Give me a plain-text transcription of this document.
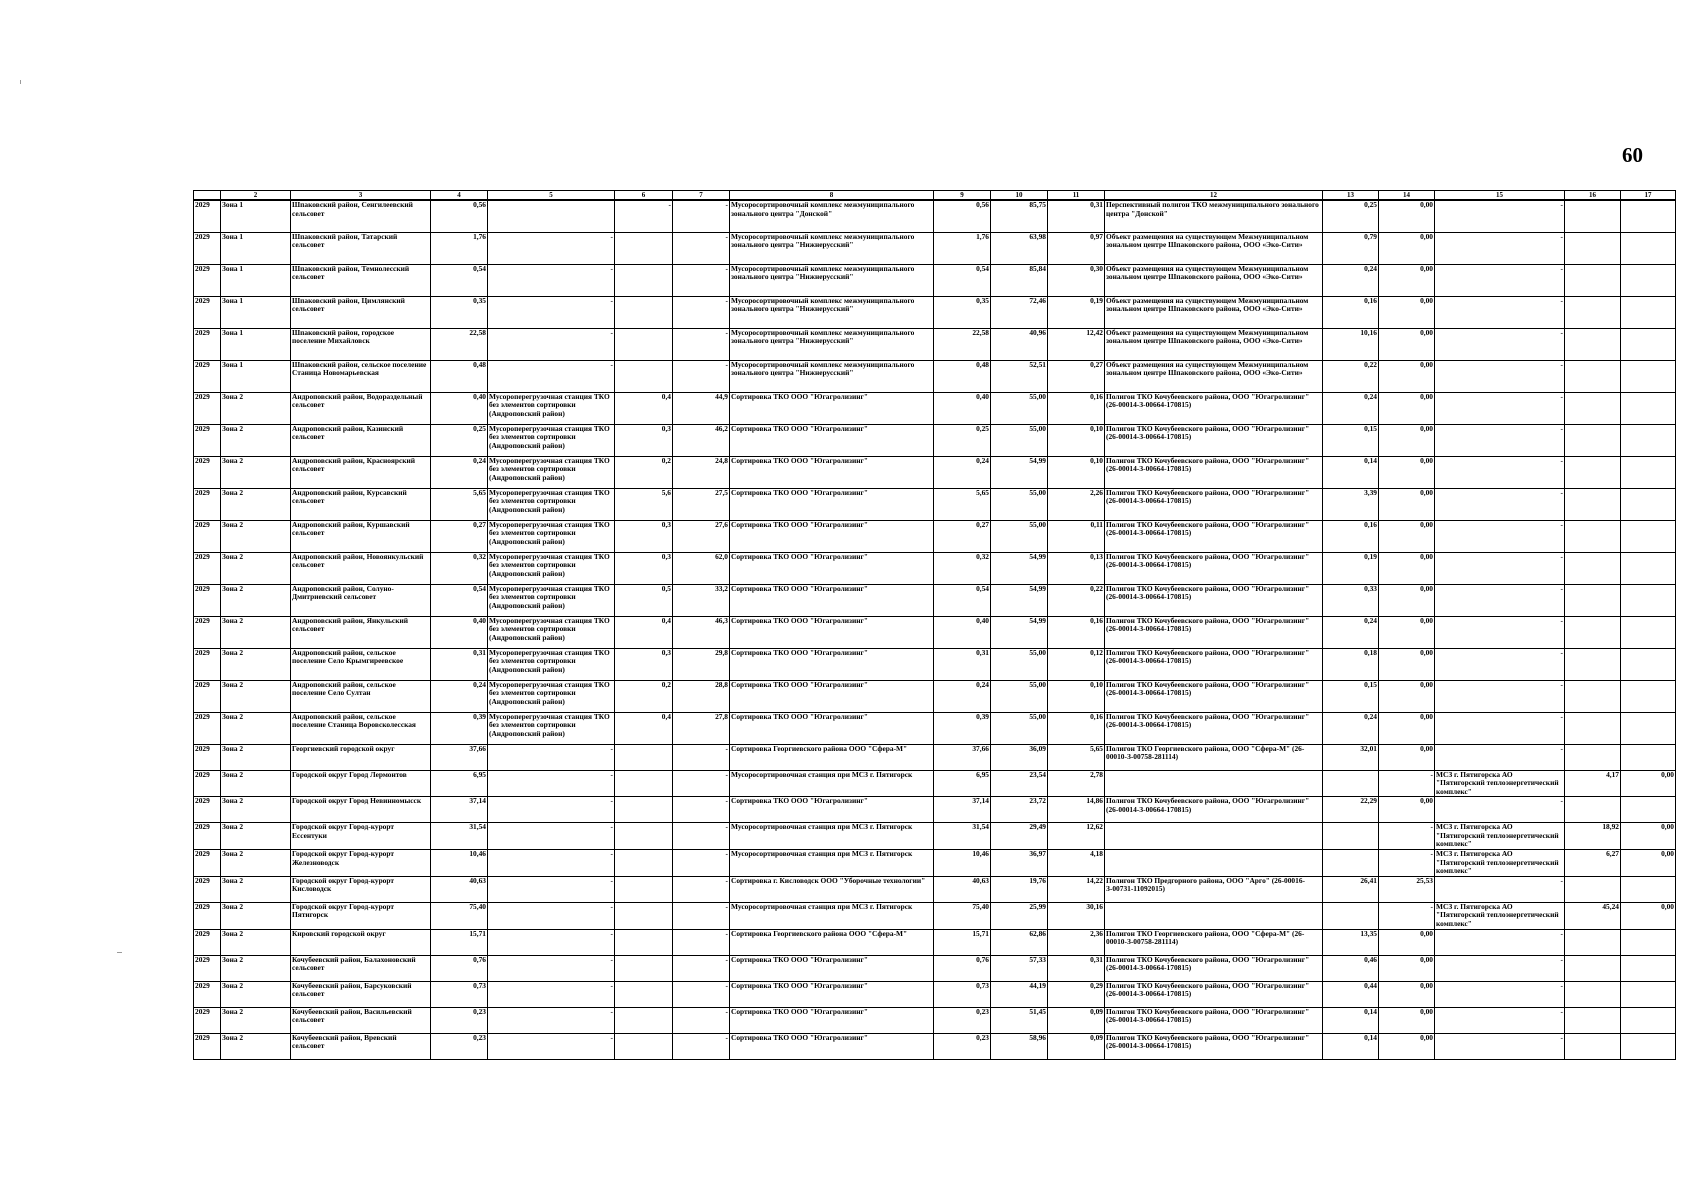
60
	2	3	4	5	6	7	8	9	10	11	12	13	14	15	16	17
2029	Зона 1	Шпаковский район, Сенгилеевский сельсовет	0,56		-	-	Мусоросортировочный комплекс межмуниципального зонального центра "Донской"	0,56	85,75	0,31	Перспективный полигон ТКО межмуниципального зонального центра "Донской"	0,25	0,00	-		
2029	Зона 1	Шпаковский район, Татарский сельсовет	1,76	-		-	Мусоросортировочный комплекс межмуниципального зонального центра "Нижнерусский"	1,76	63,98	0,97	Объект размещения на существующем Межмуниципальном зональном центре Шпаковского района, ООО «Эко-Сити»	0,79	0,00	-		
2029	Зона 1	Шпаковский район, Темнолесский сельсовет	0,54	-		-	Мусоросортировочный комплекс межмуниципального зонального центра "Нижнерусский"	0,54	85,84	0,30	Объект размещения на существующем Межмуниципальном зональном центре Шпаковского района, ООО «Эко-Сити»	0,24	0,00	-		
2029	Зона 1	Шпаковский район, Цимлянский сельсовет	0,35	-		-	Мусоросортировочный комплекс межмуниципального зонального центра "Нижнерусский"	0,35	72,46	0,19	Объект размещения на существующем Межмуниципальном зональном центре Шпаковского района, ООО «Эко-Сити»	0,16	0,00	-		
2029	Зона 1	Шпаковский район, городское поселение Михайловск	22,58	-		-	Мусоросортировочный комплекс межмуниципального зонального центра "Нижнерусский"	22,58	40,96	12,42	Объект размещения на существующем Межмуниципальном зональном центре Шпаковского района, ООО «Эко-Сити»	10,16	0,00	-		
2029	Зона 1	Шпаковский район, сельское поселение Станица Новомарьевская	0,48	-		-	Мусоросортировочный комплекс межмуниципального зонального центра "Нижнерусский"	0,48	52,51	0,27	Объект размещения на существующем Межмуниципальном зональном центре Шпаковского района, ООО «Эко-Сити»	0,22	0,00	-		
2029	Зона 2	Андроповский район, Водораздельный сельсовет	0,40	Мусороперегрузочная станция ТКО без элементов сортировки (Андроповский район)	0,4	44,9	Сортировка ТКО ООО "Югагролизинг"	0,40	55,00	0,16	Полигон ТКО Кочубеевского района, ООО "Югагролизинг" (26-00014-З-00664-170815)	0,24	0,00	-		
2029	Зона 2	Андроповский район, Казинский сельсовет	0,25	Мусороперегрузочная станция ТКО без элементов сортировки (Андроповский район)	0,3	46,2	Сортировка ТКО ООО "Югагролизинг"	0,25	55,00	0,10	Полигон ТКО Кочубеевского района, ООО "Югагролизинг" (26-00014-З-00664-170815)	0,15	0,00	-		
2029	Зона 2	Андроповский район, Красноярский сельсовет	0,24	Мусороперегрузочная станция ТКО без элементов сортировки (Андроповский район)	0,2	24,8	Сортировка ТКО ООО "Югагролизинг"	0,24	54,99	0,10	Полигон ТКО Кочубеевского района, ООО "Югагролизинг" (26-00014-З-00664-170815)	0,14	0,00	-		
2029	Зона 2	Андроповский район, Курсавский сельсовет	5,65	Мусороперегрузочная станция ТКО без элементов сортировки (Андроповский район)	5,6	27,5	Сортировка ТКО ООО "Югагролизинг"	5,65	55,00	2,26	Полигон ТКО Кочубеевского района, ООО "Югагролизинг" (26-00014-З-00664-170815)	3,39	0,00	-		
2029	Зона 2	Андроповский район, Куршавский сельсовет	0,27	Мусороперегрузочная станция ТКО без элементов сортировки (Андроповский район)	0,3	27,6	Сортировка ТКО ООО "Югагролизинг"	0,27	55,00	0,11	Полигон ТКО Кочубеевского района, ООО "Югагролизинг" (26-00014-З-00664-170815)	0,16	0,00	-		
2029	Зона 2	Андроповский район, Новоянкульский сельсовет	0,32	Мусороперегрузочная станция ТКО без элементов сортировки (Андроповский район)	0,3	62,0	Сортировка ТКО ООО "Югагролизинг"	0,32	54,99	0,13	Полигон ТКО Кочубеевского района, ООО "Югагролизинг" (26-00014-З-00664-170815)	0,19	0,00	-		
2029	Зона 2	Андроповский район, Солуно-Дмитриевский сельсовет	0,54	Мусороперегрузочная станция ТКО без элементов сортировки (Андроповский район)	0,5	33,2	Сортировка ТКО ООО "Югагролизинг"	0,54	54,99	0,22	Полигон ТКО Кочубеевского района, ООО "Югагролизинг" (26-00014-З-00664-170815)	0,33	0,00	-		
2029	Зона 2	Андроповский район, Янкульский сельсовет	0,40	Мусороперегрузочная станция ТКО без элементов сортировки (Андроповский район)	0,4	46,3	Сортировка ТКО ООО "Югагролизинг"	0,40	54,99	0,16	Полигон ТКО Кочубеевского района, ООО "Югагролизинг" (26-00014-З-00664-170815)	0,24	0,00	-		
2029	Зона 2	Андроповский район, сельское поселение Село Крымгиреевское	0,31	Мусороперегрузочная станция ТКО без элементов сортировки (Андроповский район)	0,3	29,8	Сортировка ТКО ООО "Югагролизинг"	0,31	55,00	0,12	Полигон ТКО Кочубеевского района, ООО "Югагролизинг" (26-00014-З-00664-170815)	0,18	0,00	-		
2029	Зона 2	Андроповский район, сельское поселение Село Султан	0,24	Мусороперегрузочная станция ТКО без элементов сортировки (Андроповский район)	0,2	28,8	Сортировка ТКО ООО "Югагролизинг"	0,24	55,00	0,10	Полигон ТКО Кочубеевского района, ООО "Югагролизинг" (26-00014-З-00664-170815)	0,15	0,00	-		
2029	Зона 2	Андроповский район, сельское поселение Станица Воровсколесская	0,39	Мусороперегрузочная станция ТКО без элементов сортировки (Андроповский район)	0,4	27,8	Сортировка ТКО ООО "Югагролизинг"	0,39	55,00	0,16	Полигон ТКО Кочубеевского района, ООО "Югагролизинг" (26-00014-З-00664-170815)	0,24	0,00	-		
2029	Зона 2	Георгиевский городской округ	37,66	-		-	Сортировка Георгиевского района ООО "Сфера-М"	37,66	36,09	5,65	Полигон ТКО Георгиевского района, ООО "Сфера-М" (26-00010-З-00758-281114)	32,01	0,00	-		
2029	Зона 2	Городской округ Город Лермонтов	6,95	-		-	Мусоросортировочная станция при МСЗ г. Пятигорск	6,95	23,54	2,78			-	МСЗ г. Пятигорска АО "Пятигорский теплоэнергетический комплекс"	4,17	0,00
2029	Зона 2	Городской округ Город Невинномысск	37,14	-		-	Сортировка ТКО ООО "Югагролизинг"	37,14	23,72	14,86	Полигон ТКО Кочубеевского района, ООО "Югагролизинг" (26-00014-З-00664-170815)	22,29	0,00	-		
2029	Зона 2	Городской округ Город-курорт Ессентуки	31,54	-		-	Мусоросортировочная станция при МСЗ г. Пятигорск	31,54	29,49	12,62			-	МСЗ г. Пятигорска АО "Пятигорский теплоэнергетический комплекс"	18,92	0,00
2029	Зона 2	Городской округ Город-курорт Железноводск	10,46	-		-	Мусоросортировочная станция при МСЗ г. Пятигорск	10,46	36,97	4,18			-	МСЗ г. Пятигорска АО "Пятигорский теплоэнергетический комплекс"	6,27	0,00
2029	Зона 2	Городской округ Город-курорт Кисловодск	40,63	-		-	Сортировка г. Кисловодск ООО "Уборочные технологии"	40,63	19,76	14,22	Полигон ТКО Предгорного района, ООО "Арго" (26-00016-З-00731-11092015)	26,41	25,53	-		
2029	Зона 2	Городской округ Город-курорт Пятигорск	75,40	-		-	Мусоросортировочная станция при МСЗ г. Пятигорск	75,40	25,99	30,16			-	МСЗ г. Пятигорска АО "Пятигорский теплоэнергетический комплекс"	45,24	0,00
2029	Зона 2	Кировский городской округ	15,71	-		-	Сортировка Георгиевского района ООО "Сфера-М"	15,71	62,86	2,36	Полигон ТКО Георгиевского района, ООО "Сфера-М" (26-00010-З-00758-281114)	13,35	0,00	-		
2029	Зона 2	Кочубеевский район, Балахоновский сельсовет	0,76	-		-	Сортировка ТКО ООО "Югагролизинг"	0,76	57,33	0,31	Полигон ТКО Кочубеевского района, ООО "Югагролизинг" (26-00014-З-00664-170815)	0,46	0,00	-		
2029	Зона 2	Кочубеевский район, Барсуковский сельсовет	0,73	-		-	Сортировка ТКО ООО "Югагролизинг"	0,73	44,19	0,29	Полигон ТКО Кочубеевского района, ООО "Югагролизинг" (26-00014-З-00664-170815)	0,44	0,00	-		
2029	Зона 2	Кочубеевский район, Васильевский сельсовет	0,23	-		-	Сортировка ТКО ООО "Югагролизинг"	0,23	51,45	0,09	Полигон ТКО Кочубеевского района, ООО "Югагролизинг" (26-00014-З-00664-170815)	0,14	0,00	-		
2029	Зона 2	Кочубеевский район, Вревский сельсовет	0,23	-		-	Сортировка ТКО ООО "Югагролизинг"	0,23	58,96	0,09	Полигон ТКО Кочубеевского района, ООО "Югагролизинг" (26-00014-З-00664-170815)	0,14	0,00	-		
